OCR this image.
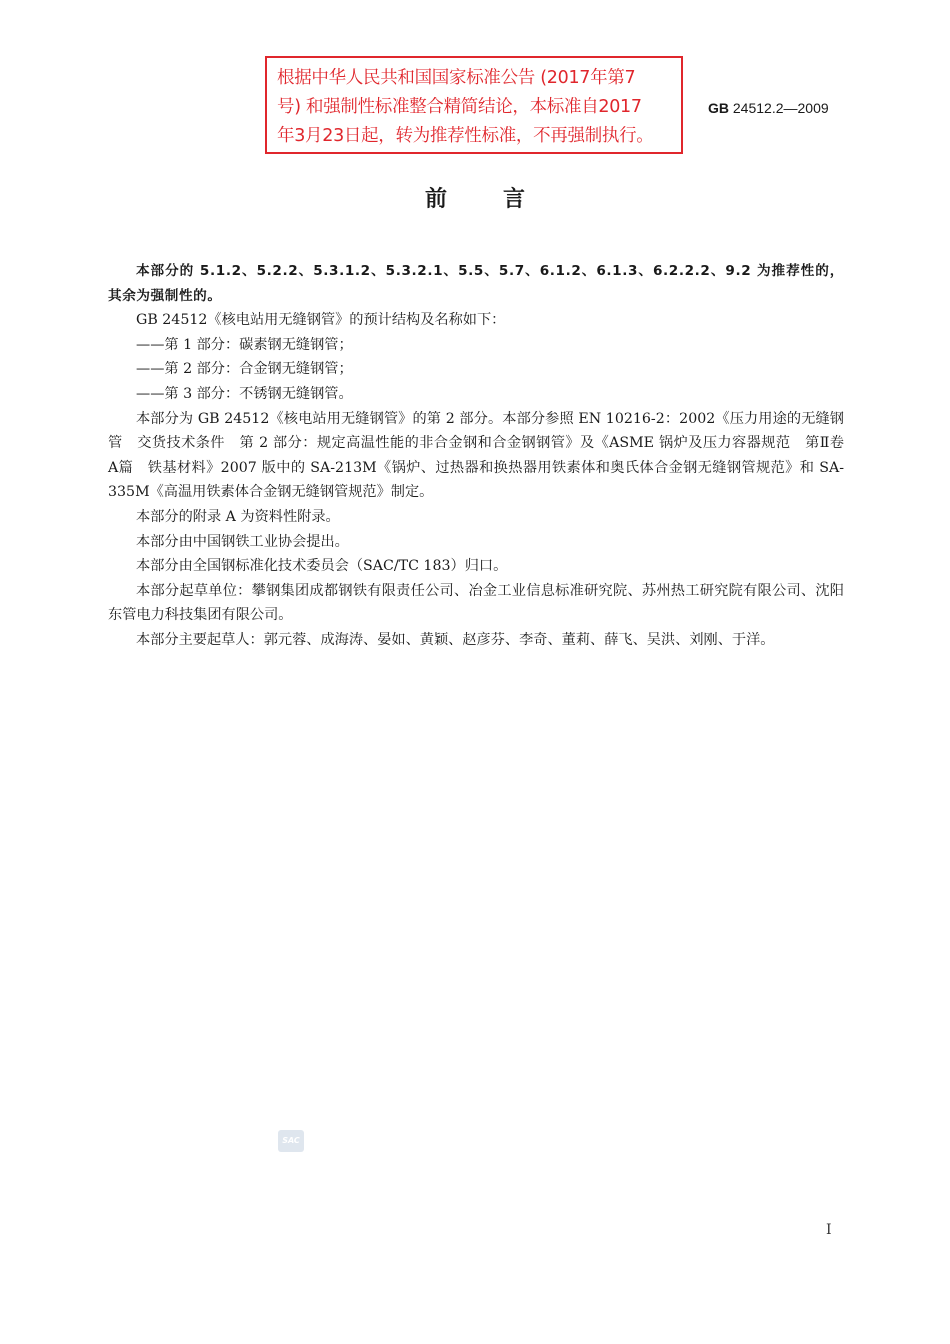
根据中华人民共和国国家标准公告 (2017年第7
号) 和强制性标准整合精简结论，本标准自2017
年3月23日起，转为推荐性标准，不再强制执行。
GB 24512.2—2009
前言

本部分的 5.1.2、5.2.2、5.3.1.2、5.3.2.1、5.5、5.7、6.1.2、6.1.3、6.2.2.2、9.2 为推荐性的，其余为强制性的。

GB 24512《核电站用无缝钢管》的预计结构及名称如下：

——第 1 部分：碳素钢无缝钢管；

——第 2 部分：合金钢无缝钢管；

——第 3 部分：不锈钢无缝钢管。

本部分为 GB 24512《核电站用无缝钢管》的第 2 部分。本部分参照 EN 10216-2：2002《压力用途的无缝钢管　交货技术条件　第 2 部分：规定高温性能的非合金钢和合金钢钢管》及《ASME 锅炉及压力容器规范　第Ⅱ卷　A篇　铁基材料》2007 版中的 SA-213M《锅炉、过热器和换热器用铁素体和奥氏体合金钢无缝钢管规范》和 SA-335M《高温用铁素体合金钢无缝钢管规范》制定。

本部分的附录 A 为资料性附录。

本部分由中国钢铁工业协会提出。

本部分由全国钢标准化技术委员会（SAC/TC 183）归口。

本部分起草单位：攀钢集团成都钢铁有限责任公司、冶金工业信息标准研究院、苏州热工研究院有限公司、沈阳东管电力科技集团有限公司。

本部分主要起草人：郭元蓉、成海涛、晏如、黄颖、赵彦芬、李奇、董莉、薛飞、吴洪、刘刚、于洋。

SAC
I
